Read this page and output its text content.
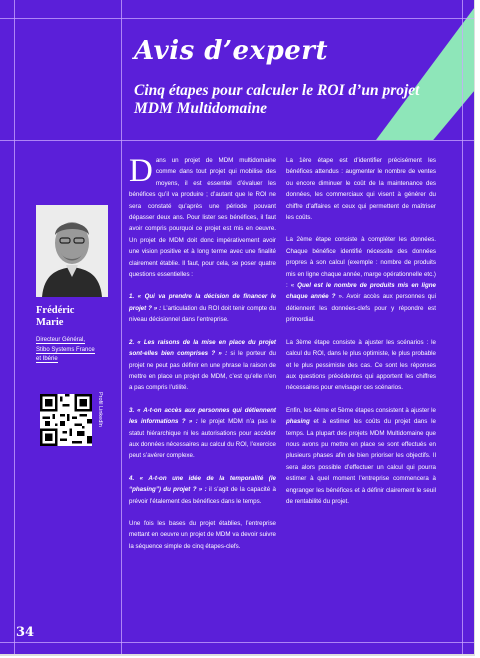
Avis d’expert
Cinq étapes pour calculer le ROI d’un projet MDM Multidomaine
Frédéric
Marie
Directeur Général,
Stibo Systems France
et Ibérie
Profil LinkedIn

Dans un projet de MDM multidomaine comme dans tout projet qui mobilise des moyens, il est essentiel d’évaluer les bénéfices qu’il va produire ; d’autant que le ROI ne sera constaté qu’après une période pouvant dépasser deux ans. Pour lister ses bénéfices, il faut avoir compris pourquoi ce projet est mis en oeuvre. Un projet de MDM doit donc impérativement avoir une vision positive et à long terme avec une finalité clairement établie. Il faut, pour cela, se poser quatre questions essentielles :

1. « Qui va prendre la décision de financer le projet ? » : L’articulation du ROI doit tenir compte du niveau décisionnel dans l’entreprise.

2. « Les raisons de la mise en place du projet sont-elles bien comprises ? » : si le porteur du projet ne peut pas définir en une phrase la raison de mettre en place un projet de MDM, c’est qu’elle n’en a pas compris l’utilité.

3. « A-t-on accès aux personnes qui détiennent les informations ? » : le projet MDM n’a pas le statut hiérarchique ni les autorisations pour accéder aux données nécessaires au calcul du ROI, l’exercice peut s’avérer complexe.

4. « A-t-on une idée de la temporalité (le “phasing”) du projet ? » : il s’agit de la capacité à prévoir l’étalement des bénéfices dans le temps.

Une fois les bases du projet établies, l’entreprise mettant en oeuvre un projet de MDM va devoir suivre la séquence simple de cinq étapes-clefs.

La 1ère étape est d’identifier précisément les bénéfices attendus : augmenter le nombre de ventes ou encore diminuer le coût de la maintenance des données, les commerciaux qui visent à générer du chiffre d’affaires et ceux qui permettent de maîtriser les coûts.

La 2ème étape consiste à compléter les données. Chaque bénéfice identifié nécessite des données propres à son calcul (exemple : nombre de produits mis en ligne chaque année, marge opérationnelle etc.) : « Quel est le nombre de produits mis en ligne chaque année ? ». Avoir accès aux personnes qui détiennent les données-clefs pour y répondre est primordial.

La 3ème étape consiste à ajuster les scénarios : le calcul du ROI, dans le plus optimiste, le plus probable et le plus pessimiste des cas. Ce sont les réponses aux questions précédentes qui apportent les chiffres nécessaires pour envisager ces scénarios.

Enfin, les 4ème et 5ème étapes consistent à ajuster le phasing et à estimer les coûts du projet dans le temps. La plupart des projets MDM Multidomaine que nous avons pu mettre en place se sont effectués en plusieurs phases afin de bien prioriser les objectifs. Il sera alors possible d’effectuer un calcul qui pourra estimer à quel moment l’entreprise commencera à engranger les bénéfices et à définir clairement le seuil de rentabilité du projet.

34
